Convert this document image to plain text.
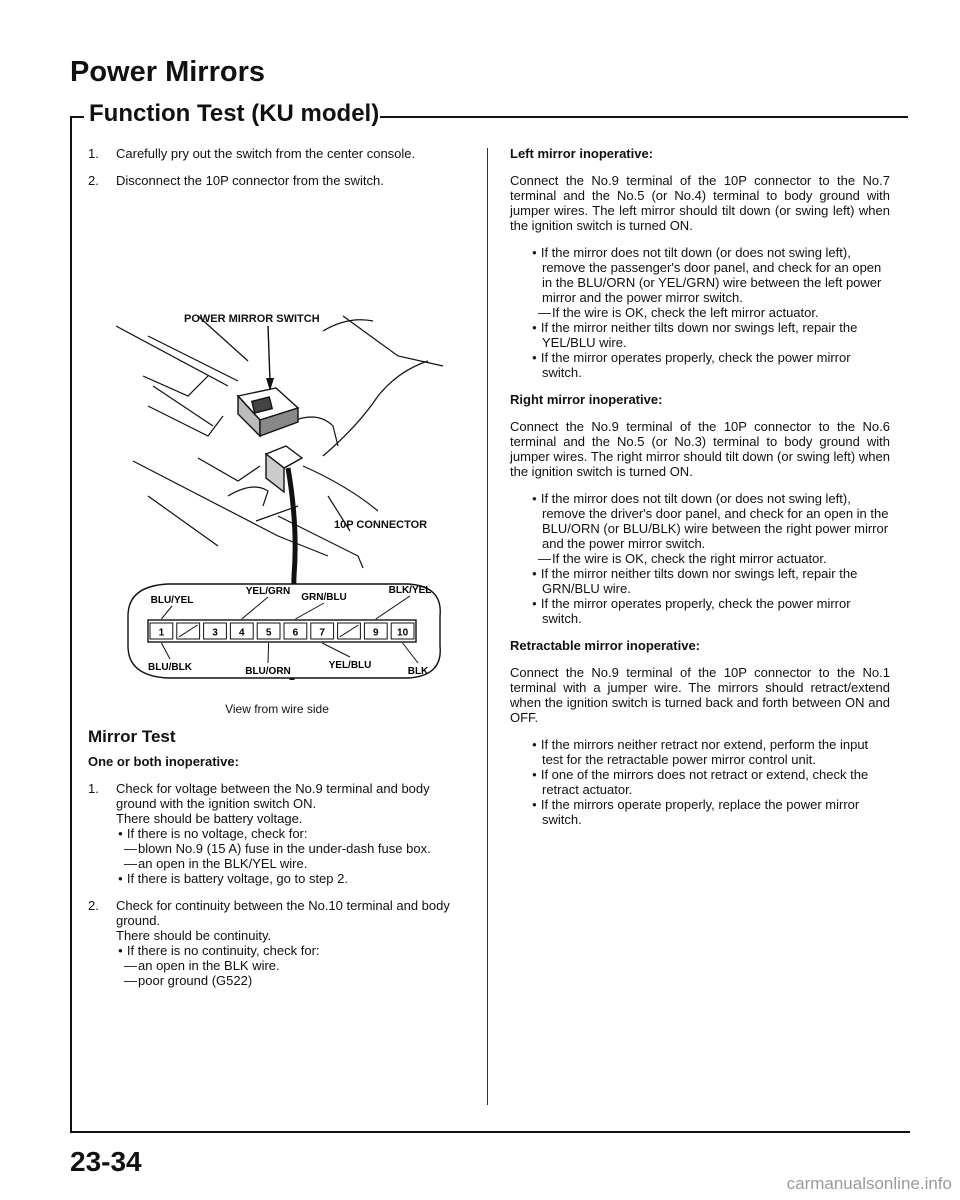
Power Mirrors
Function Test (KU model)
1.	Carefully pry out the switch from the center console.
2.	Disconnect the 10P connector from the switch.
1	3 4 5 6 7	9 10
BLU/YEL
YEL/GRN
GRN/BLU
BLK/YEL
BLU/BLK	BLU/ORN
YEL/BLU
BLK
POWER MIRROR SWITCH
10P CONNECTOR
View from wire side
Mirror Test
One or both inoperative:
1.	Check for voltage between the No.9 terminal and body ground with the ignition switch ON.
There should be battery voltage.
● If there is no voltage, check for:
— blown No.9 (15 A) fuse in the under-dash fuse box.
— an open in the BLK/YEL wire.
● If there is battery voltage, go to step 2.
2.	Check for continuity between the No.10 terminal and body ground.
There should be continuity.
● If there is no continuity, check for:
— an open in the BLK wire.
— poor ground (G522)
Left mirror inoperative:

Connect the No.9 terminal of the 10P connector to the No.7 terminal and the No.5 (or No.4) terminal to body ground with jumper wires. The left mirror should tilt down (or swing left) when the ignition switch is turned ON.

● If the mirror does not tilt down (or does not swing left), remove the passenger's door panel, and check for an open in the BLU/ORN (or YEL/GRN) wire between the left power mirror and the power mirror switch.
— If the wire is OK, check the left mirror actuator.
● If the mirror neither tilts down nor swings left, repair the YEL/BLU wire.
● If the mirror operates properly, check the power mirror switch.
Right mirror inoperative:

Connect the No.9 terminal of the 10P connector to the No.6 terminal and the No.5 (or No.3) terminal to body ground with jumper wires. The right mirror should tilt down (or swing left) when the ignition switch is turned ON.

● If the mirror does not tilt down (or does not swing left), remove the driver's door panel, and check for an open in the BLU/ORN (or BLU/BLK) wire between the right power mirror and the power mirror switch.
— If the wire is OK, check the right mirror actuator.
● If the mirror neither tilts down nor swings left, repair the GRN/BLU wire.
● If the mirror operates properly, check the power mirror switch.
Retractable mirror inoperative:

Connect the No.9 terminal of the 10P connector to the No.1 terminal with a jumper wire. The mirrors should retract/extend when the ignition switch is turned back and forth between ON and OFF.

● If the mirrors neither retract nor extend, perform the input test for the retractable power mirror control unit.
● If one of the mirrors does not retract or extend, check the retract actuator.
● If the mirrors operate properly, replace the power mirror switch.
23-34
carmanualsonline.info
